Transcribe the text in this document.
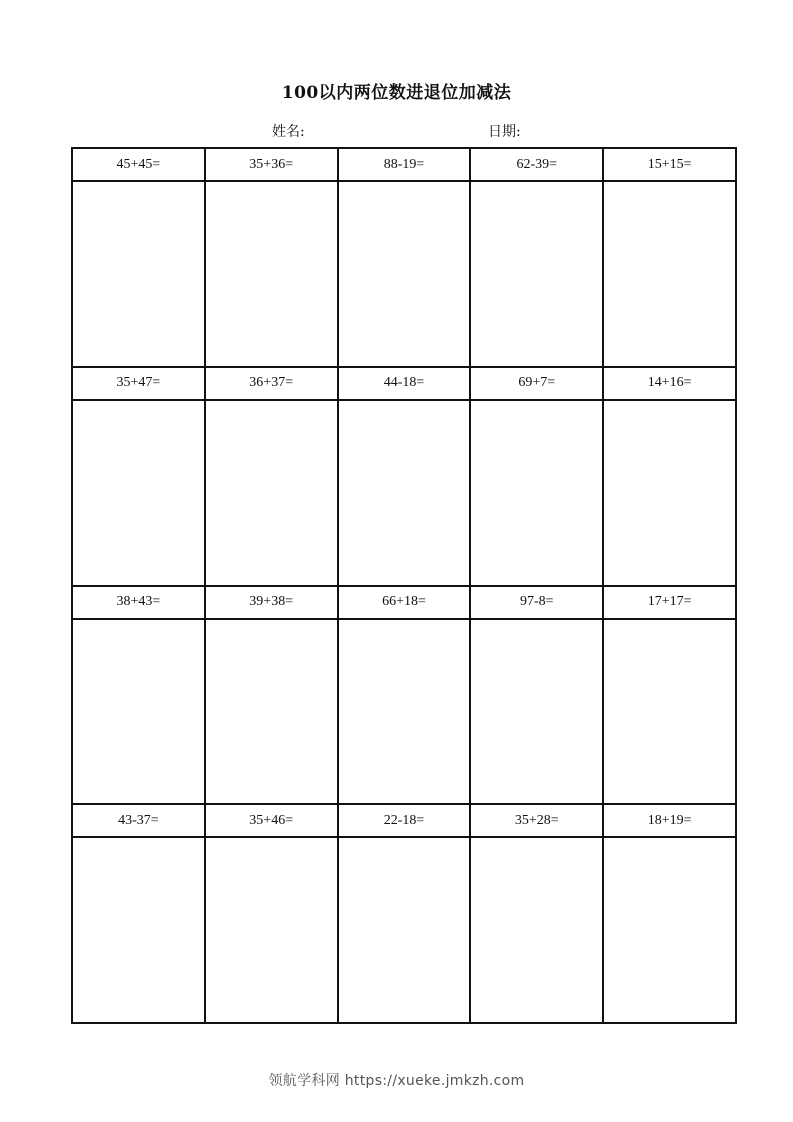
100以内两位数进退位加减法
姓名:	日期:
45+45=	35+36=	88-19=	62-39=	15+15=
35+47=	36+37=	44-18=	69+7=	14+16=
38+43=	39+38=	66+18=	97-8=	17+17=
43-37=	35+46=	22-18=	35+28=	18+19=
领航学科网 https://xueke.jmkzh.com
